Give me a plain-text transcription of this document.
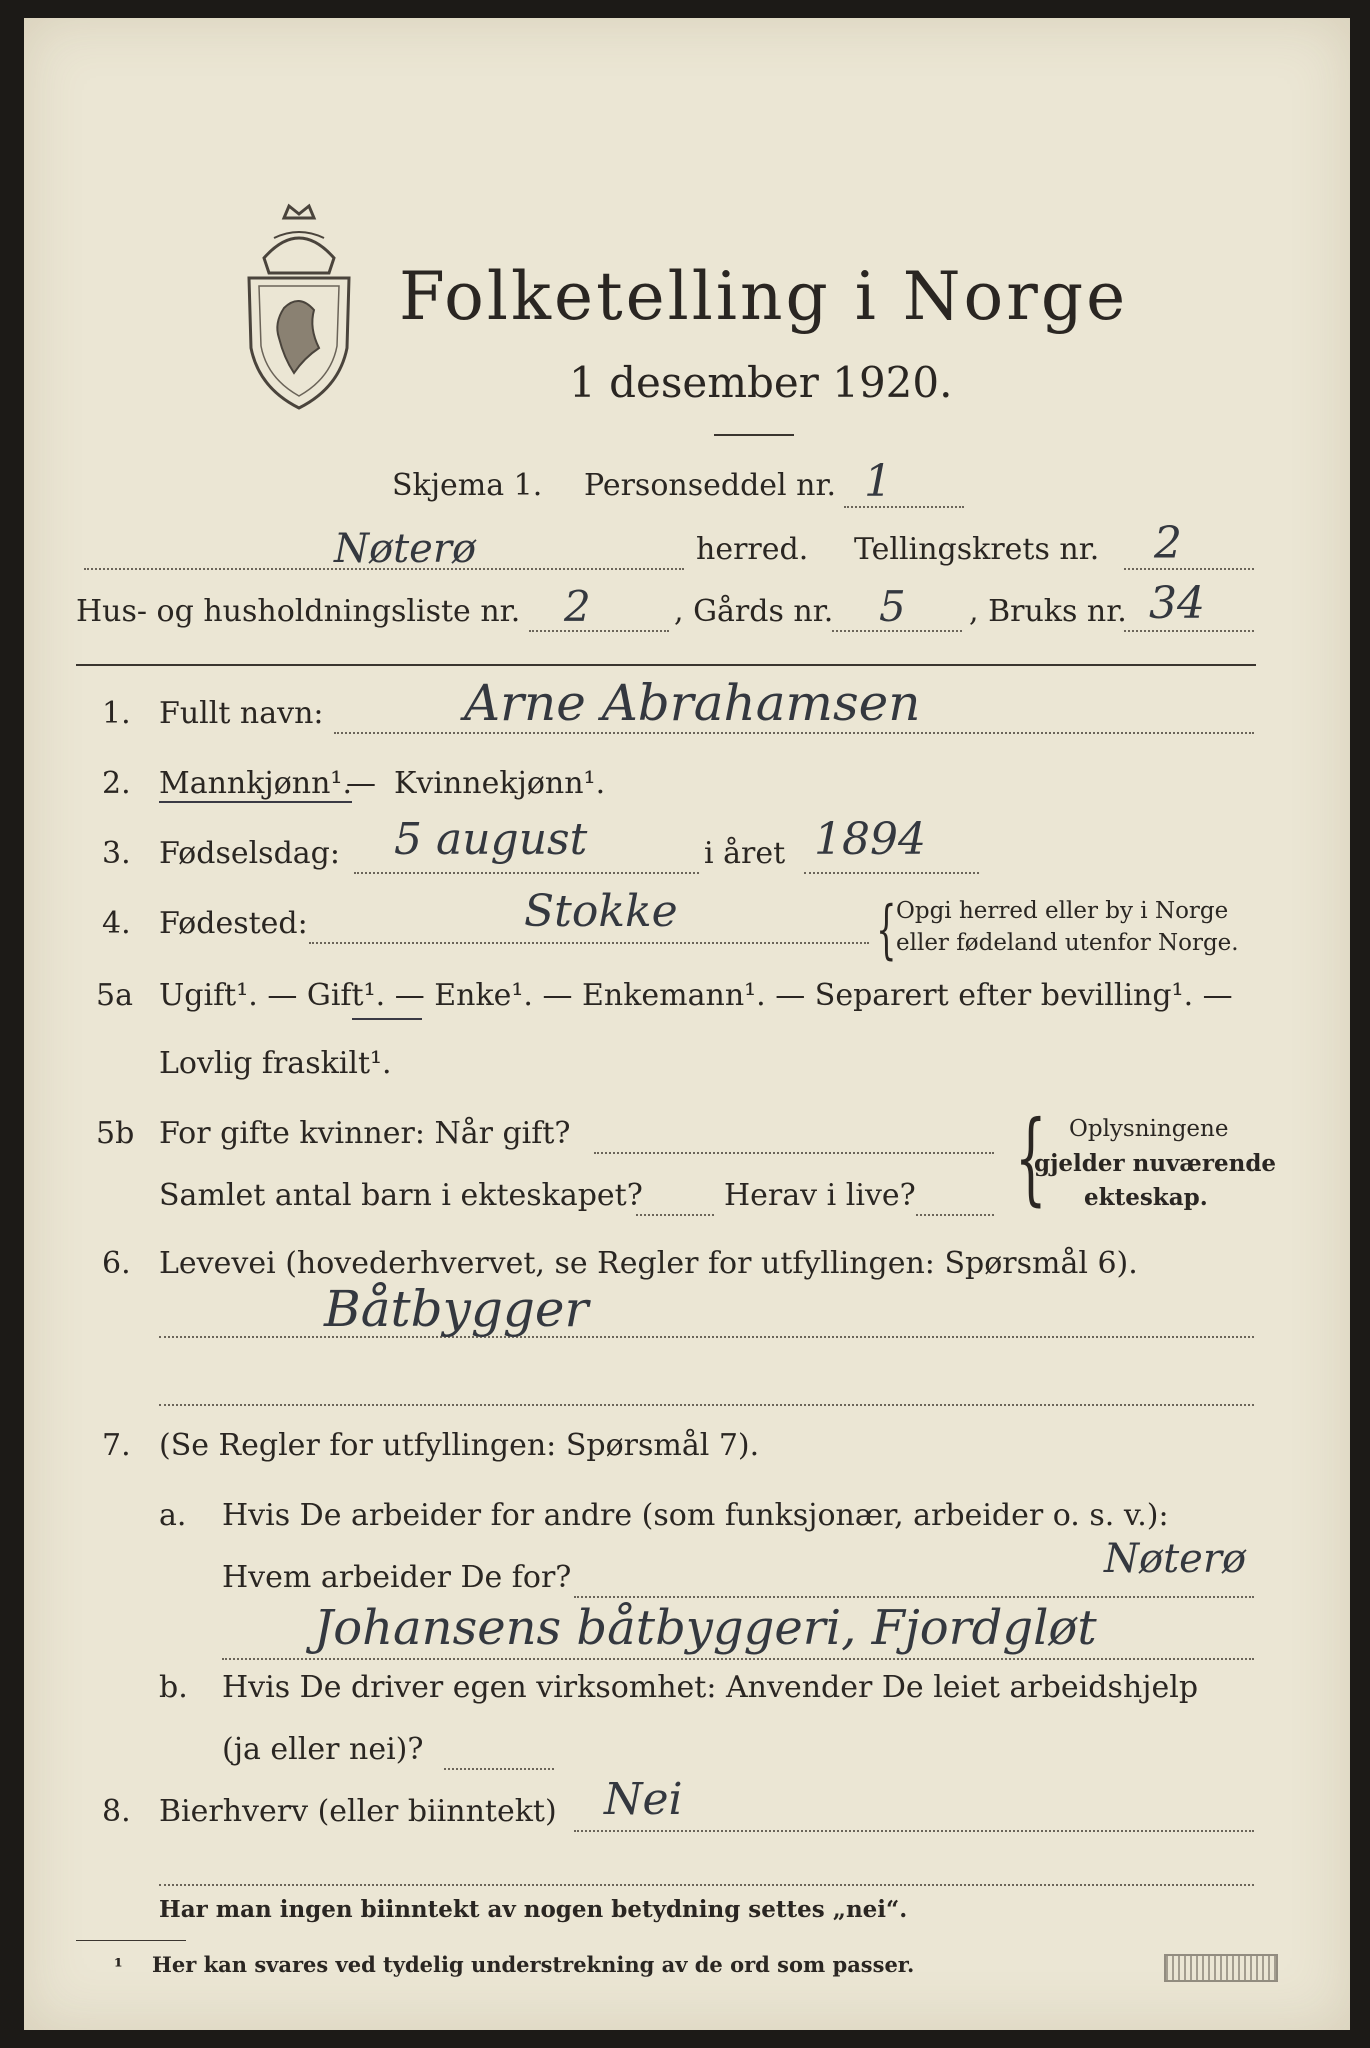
Folketelling i Norge
1 desember 1920.
Skjema 1. Personseddel nr. 1
Nøterø	herred. Tellingskrets nr. 2
Hus- og husholdningsliste nr. 2	, Gårds nr. 5 , Bruks nr. 34
1. Fullt navn:	Arne Abrahamsen
2. Mannkjønn¹.
— Kvinnekjønn¹.
3. Fødselsdag: 5 august	i året 1894
4. Fødested:	Stokke	{ Opgi herred eller by i Norge
eller fødeland utenfor Norge.
5a Ugift¹. — Gift¹. — Enke¹. — Enkemann¹. — Separert efter bevilling¹. —
Lovlig fraskilt¹.
5b For gifte kvinner: Når gift?
Samlet antal barn i ekteskapet?	Herav i live? { Oplysningene
gjelder nuværende
ekteskap.
6. Levevei (hovederhvervet, se Regler for utfyllingen: Spørsmål 6).
Båtbygger
7. (Se Regler for utfyllingen: Spørsmål 7).
a. Hvis De arbeider for andre (som funksjonær, arbeider o. s. v.):
Hvem arbeider De for?	Nøterø
Johansens båtbyggeri, Fjordgløt
b. Hvis De driver egen virksomhet: Anvender De leiet arbeidshjelp
(ja eller nei)?
8. Bierhverv (eller biinntekt) Nei
Har man ingen biinntekt av nogen betydning settes „nei“.
¹ Her kan svares ved tydelig understrekning av de ord som passer.
